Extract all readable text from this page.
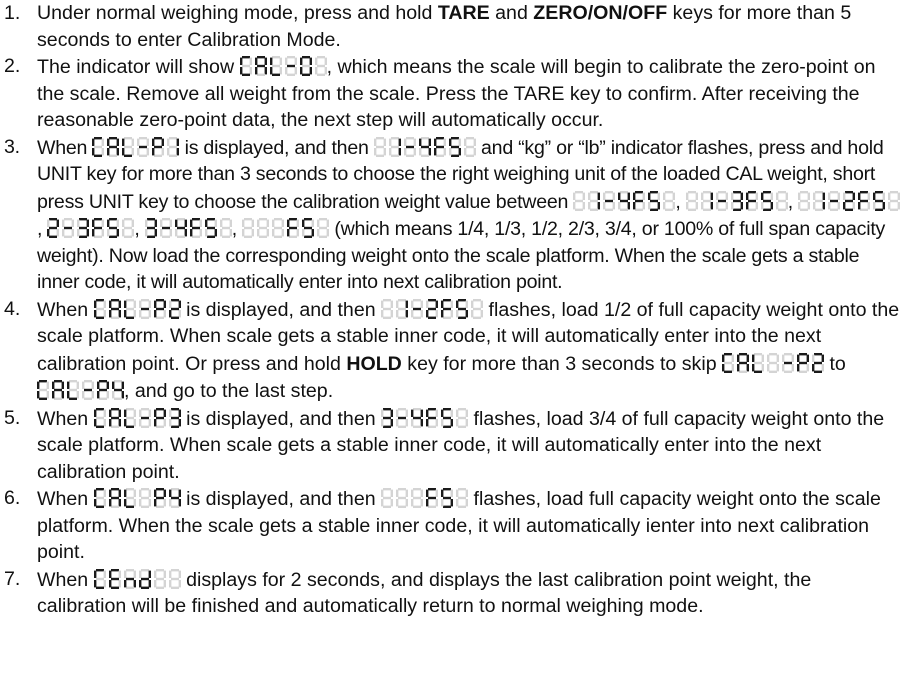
1. Under normal weighing mode, press and hold TARE and ZERO/ON/OFF keys for more than 5 seconds to enter Calibration Mode.
2. The indicator will show	, which means the scale will begin to calibrate the zero-point on the scale. Remove all weight from the scale. Press the TARE key to confirm. After receiving the reasonable zero-point data, the next step will automatically occur.
3. When	is displayed, and then	and “kg” or “lb” indicator flashes, press and hold UNIT key for more than 3 seconds to choose the right weighing unit of the loaded CAL weight, short press UNIT key to choose the calibration weight value between	,	,
,	,	,	(which means 1/4, 1/3, 1/2, 2/3, 3/4, or 100% of full span capacity weight). Now load the corresponding weight onto the scale platform. When the scale gets a stable inner code, it will automatically enter into next calibration point.
4. When	is displayed, and then	flashes, load 1/2 of full capacity weight onto the scale platform. When scale gets a stable inner code, it will automatically enter into the next calibration point. Or press and hold HOLD key for more than 3 seconds to skip	to
, and go to the last step.
5. When	is displayed, and then	flashes, load 3/4 of full capacity weight onto the scale platform. When scale gets a stable inner code, it will automatically enter into the next calibration point.
6. When	is displayed, and then	flashes, load full capacity weight onto the scale platform. When the scale gets a stable inner code, it will automatically ienter into next calibration point.
7. When	displays for 2 seconds, and displays the last calibration point weight, the calibration will be finished and automatically return to normal weighing mode.
